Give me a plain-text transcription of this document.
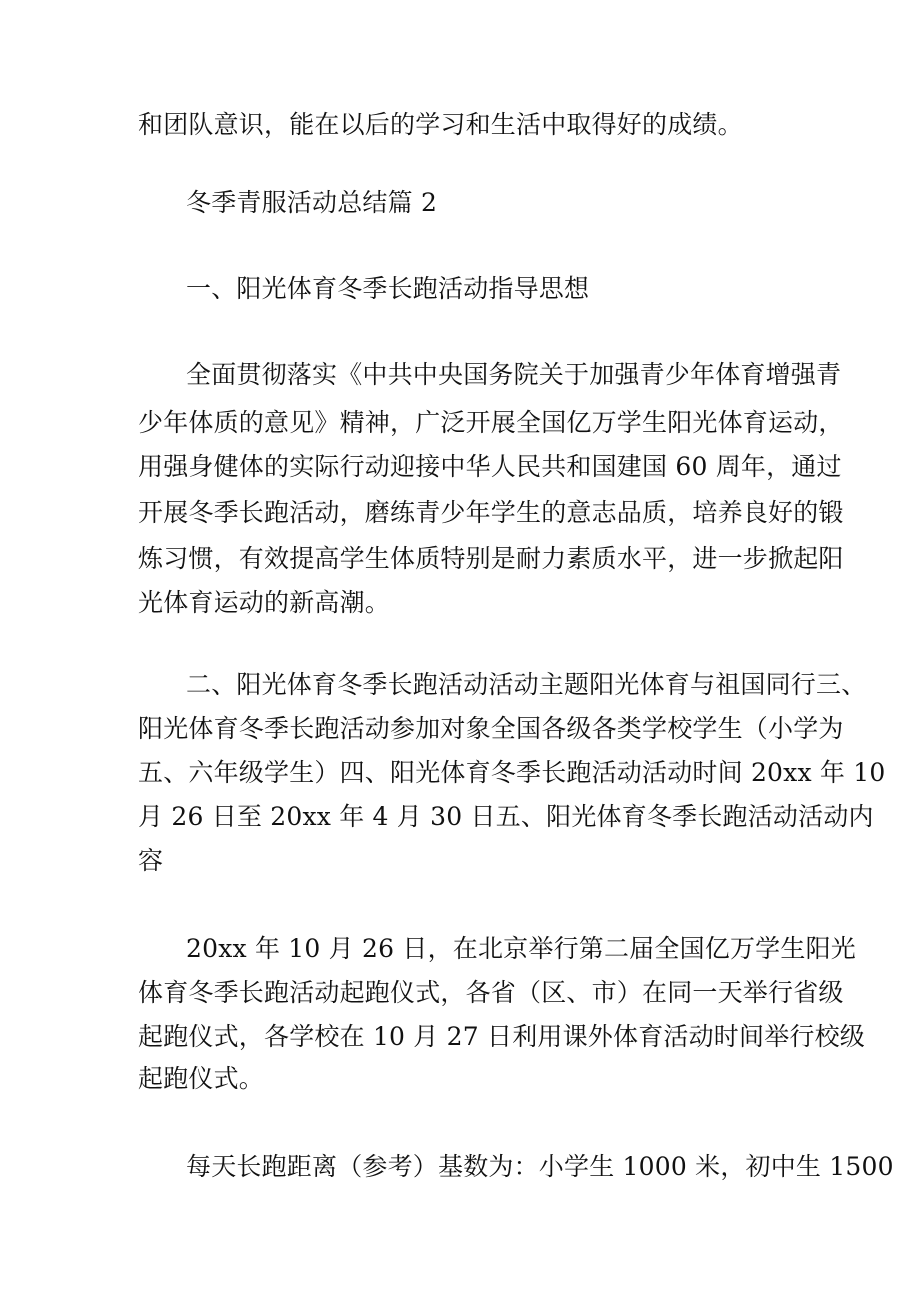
和团队意识，能在以后的学习和生活中取得好的成绩。
冬季青服活动总结篇 2
一、阳光体育冬季长跑活动指导思想
全面贯彻落实《中共中央国务院关于加强青少年体育增强青
少年体质的意见》精神，广泛开展全国亿万学生阳光体育运动，
用强身健体的实际行动迎接中华人民共和国建国 60 周年，通过
开展冬季长跑活动，磨练青少年学生的意志品质，培养良好的锻
炼习惯，有效提高学生体质特别是耐力素质水平，进一步掀起阳
光体育运动的新高潮。
二、阳光体育冬季长跑活动活动主题阳光体育与祖国同行三、
阳光体育冬季长跑活动参加对象全国各级各类学校学生（小学为
五、六年级学生）四、阳光体育冬季长跑活动活动时间 20xx 年 10
月 26 日至 20xx 年 4 月 30 日五、阳光体育冬季长跑活动活动内
容
20xx 年 10 月 26 日，在北京举行第二届全国亿万学生阳光
体育冬季长跑活动起跑仪式，各省（区、市）在同一天举行省级
起跑仪式，各学校在 10 月 27 日利用课外体育活动时间举行校级
起跑仪式。
每天长跑距离（参考）基数为：小学生 1000 米，初中生 1500
